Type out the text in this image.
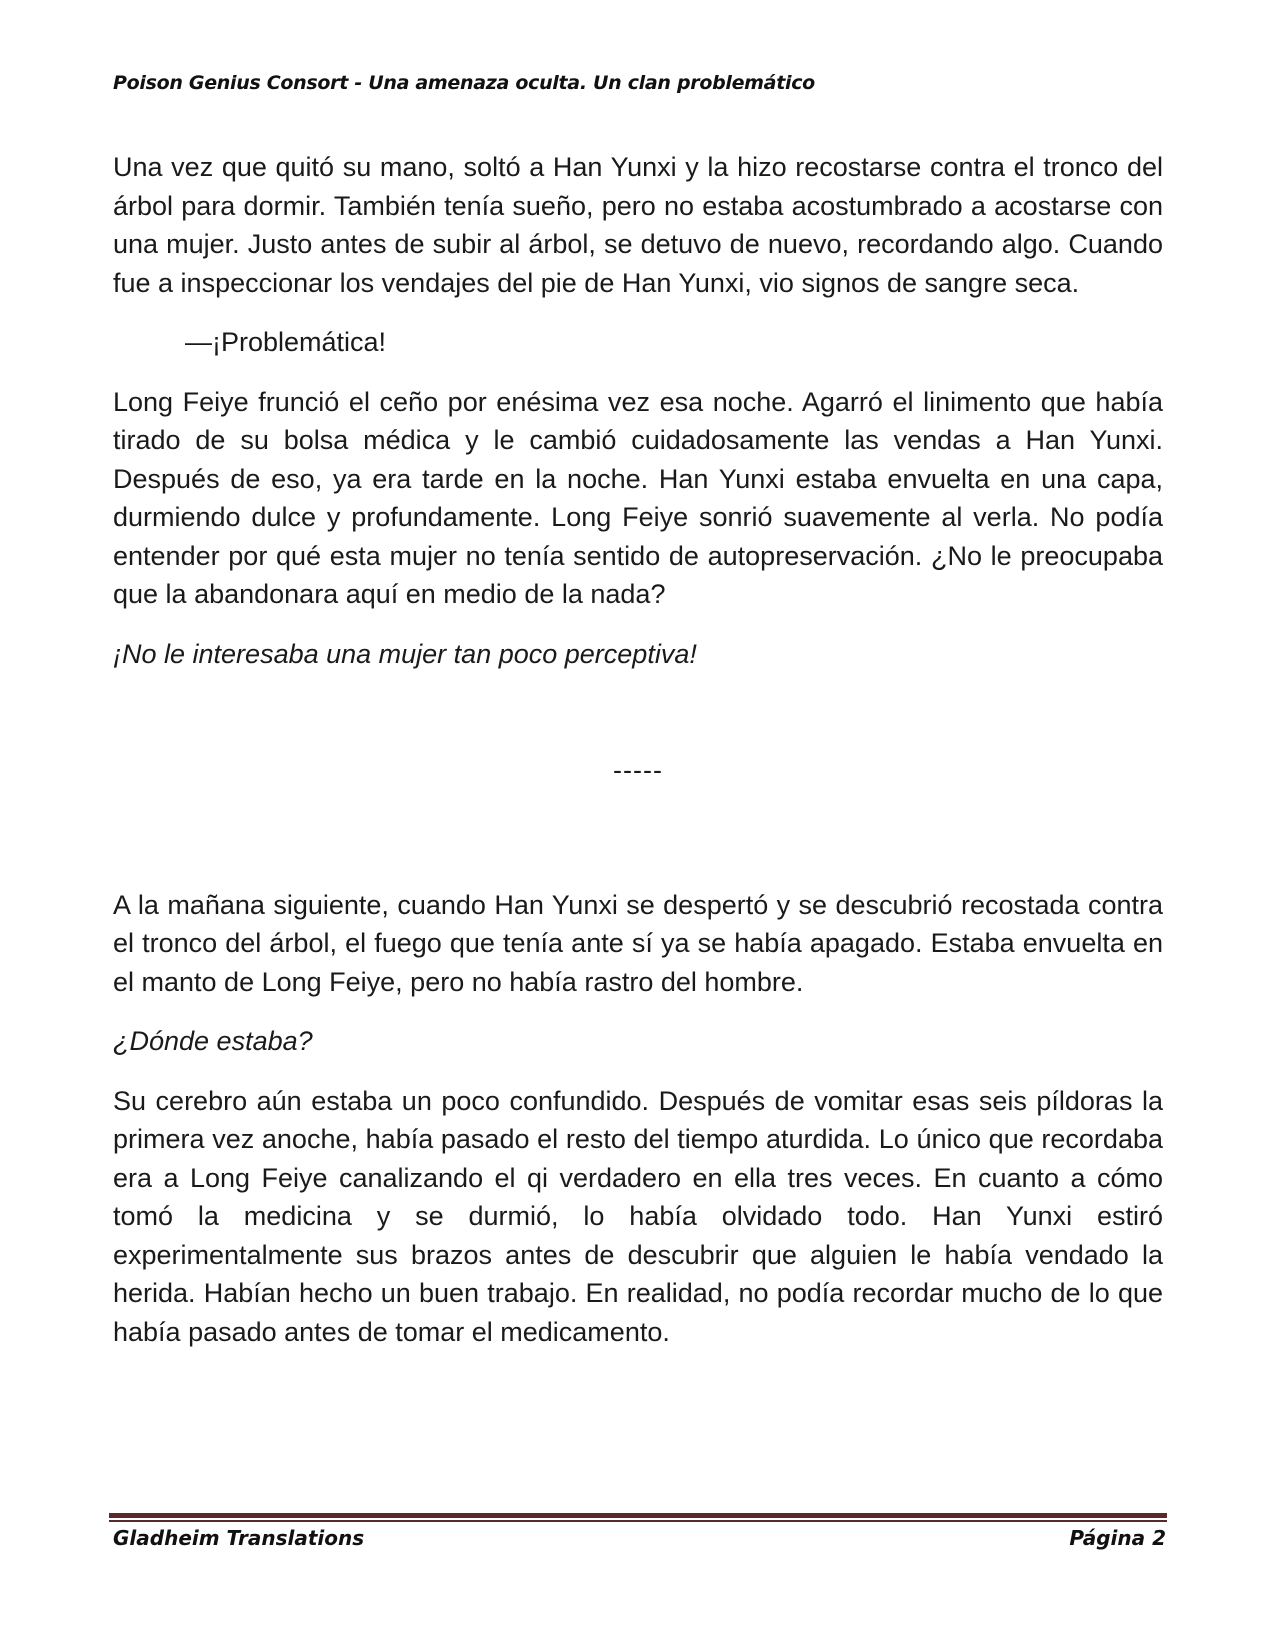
Poison Genius Consort - Una amenaza oculta. Un clan problemático

Una vez que quitó su mano, soltó a Han Yunxi y la hizo recostarse contra el tronco del árbol para dormir. También tenía sueño, pero no estaba acostumbrado a acostarse con una mujer. Justo antes de subir al árbol, se detuvo de nuevo, recordando algo. Cuando fue a inspeccionar los vendajes del pie de Han Yunxi, vio signos de sangre seca.

—¡Problemática!

Long Feiye frunció el ceño por enésima vez esa noche. Agarró el linimento que había tirado de su bolsa médica y le cambió cuidadosamente las vendas a Han Yunxi. Después de eso, ya era tarde en la noche. Han Yunxi estaba envuelta en una capa, durmiendo dulce y profundamente. Long Feiye sonrió suavemente al verla. No podía entender por qué esta mujer no tenía sentido de autopreservación. ¿No le preocupaba que la abandonara aquí en medio de la nada?

¡No le interesaba una mujer tan poco perceptiva!

-----

A la mañana siguiente, cuando Han Yunxi se despertó y se descubrió recostada contra el tronco del árbol, el fuego que tenía ante sí ya se había apagado. Estaba envuelta en el manto de Long Feiye, pero no había rastro del hombre.

¿Dónde estaba?

Su cerebro aún estaba un poco confundido. Después de vomitar esas seis píldoras la primera vez anoche, había pasado el resto del tiempo aturdida. Lo único que recordaba era a Long Feiye canalizando el qi verdadero en ella tres veces. En cuanto a cómo tomó la medicina y se durmió, lo había olvidado todo. Han Yunxi estiró experimentalmente sus brazos antes de descubrir que alguien le había vendado la herida. Habían hecho un buen trabajo. En realidad, no podía recordar mucho de lo que había pasado antes de tomar el medicamento.

Gladheim Translations	Página 2
